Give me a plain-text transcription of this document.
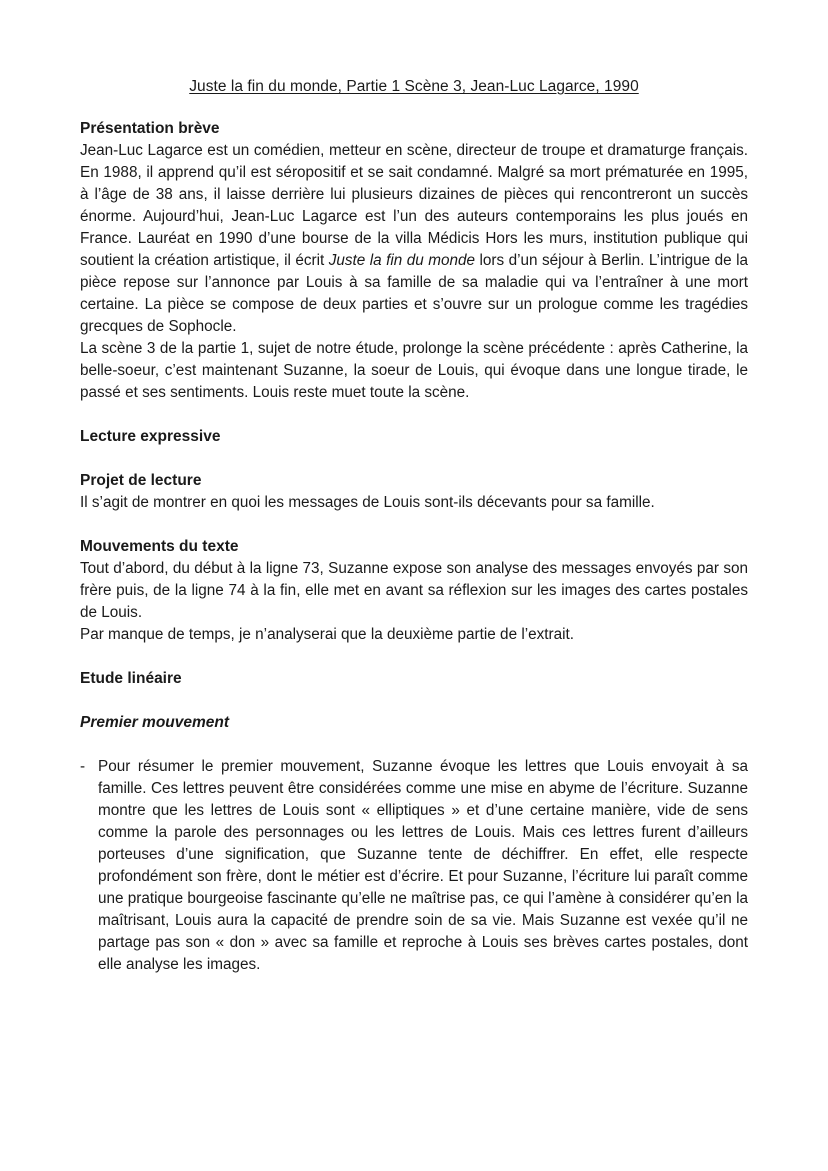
Juste la fin du monde, Partie 1 Scène 3, Jean-Luc Lagarce, 1990

Présentation brève

Jean-Luc Lagarce est un comédien, metteur en scène, directeur de troupe et dramaturge français. En 1988, il apprend qu’il est séropositif et se sait condamné. Malgré sa mort prématurée en 1995, à l’âge de 38 ans, il laisse derrière lui plusieurs dizaines de pièces qui rencontreront un succès énorme. Aujourd’hui, Jean-Luc Lagarce est l’un des auteurs contemporains les plus joués en France. Lauréat en 1990 d’une bourse de la villa Médicis Hors les murs, institution publique qui soutient la création artistique, il écrit Juste la fin du monde lors d’un séjour à Berlin. L’intrigue de la pièce repose sur l’annonce par Louis à sa famille de sa maladie qui va l’entraîner à une mort certaine. La pièce se compose de deux parties et s’ouvre sur un prologue comme les tragédies grecques de Sophocle.

La scène 3 de la partie 1, sujet de notre étude, prolonge la scène précédente : après Catherine, la belle-soeur, c’est maintenant Suzanne, la soeur de Louis, qui évoque dans une longue tirade, le passé et ses sentiments. Louis reste muet toute la scène.

Lecture expressive

Projet de lecture

Il s’agit de montrer en quoi les messages de Louis sont-ils décevants pour sa famille.

Mouvements du texte

Tout d’abord, du début à la ligne 73, Suzanne expose son analyse des messages envoyés par son frère puis, de la ligne 74 à la fin, elle met en avant sa réflexion sur les images des cartes postales de Louis.

Par manque de temps, je n’analyserai que la deuxième partie de l’extrait.

Etude linéaire

Premier mouvement

- Pour résumer le premier mouvement, Suzanne évoque les lettres que Louis envoyait à sa famille. Ces lettres peuvent être considérées comme une mise en abyme de l’écriture. Suzanne montre que les lettres de Louis sont « elliptiques » et d’une certaine manière, vide de sens comme la parole des personnages ou les lettres de Louis. Mais ces lettres furent d’ailleurs porteuses d’une signification, que Suzanne tente de déchiffrer. En effet, elle respecte profondément son frère, dont le métier est d’écrire. Et pour Suzanne, l’écriture lui paraît comme une pratique bourgeoise fascinante qu’elle ne maîtrise pas, ce qui l’amène à considérer qu’en la maîtrisant, Louis aura la capacité de prendre soin de sa vie. Mais Suzanne est vexée qu’il ne partage pas son « don » avec sa famille et reproche à Louis ses brèves cartes postales, dont elle analyse les images.
